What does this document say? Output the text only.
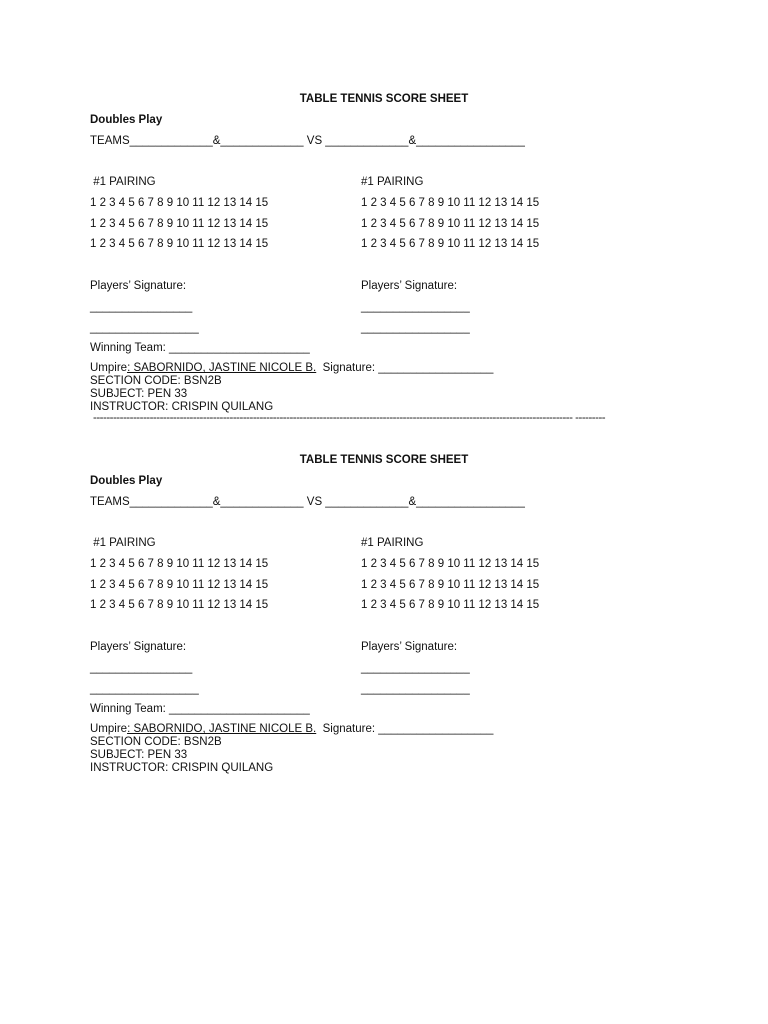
TABLE TENNIS SCORE SHEET
Doubles Play
TEAMS_____________&_____________ VS _____________&_________________
#1 PAIRING
1 2 3 4 5 6 7 8 9 10 11 12 13 14 15
1 2 3 4 5 6 7 8 9 10 11 12 13 14 15
1 2 3 4 5 6 7 8 9 10 11 12 13 14 15
#1 PAIRING
1 2 3 4 5 6 7 8 9 10 11 12 13 14 15
1 2 3 4 5 6 7 8 9 10 11 12 13 14 15
1 2 3 4 5 6 7 8 9 10 11 12 13 14 15
Players’ Signature:
________________
_________________
Players’ Signature:
_________________
_________________
Winning Team: ______________________
Umpire: SABORNIDO, JASTINE NICOLE B.  Signature: __________________
SECTION CODE: BSN2B
SUBJECT: PEN 33
INSTRUCTOR: CRISPIN QUILANG
------------------------------------------------------------------------------------------------------------------------------------------------ ---------
TABLE TENNIS SCORE SHEET
Doubles Play
TEAMS_____________&_____________ VS _____________&_________________
#1 PAIRING
1 2 3 4 5 6 7 8 9 10 11 12 13 14 15
1 2 3 4 5 6 7 8 9 10 11 12 13 14 15
1 2 3 4 5 6 7 8 9 10 11 12 13 14 15
#1 PAIRING
1 2 3 4 5 6 7 8 9 10 11 12 13 14 15
1 2 3 4 5 6 7 8 9 10 11 12 13 14 15
1 2 3 4 5 6 7 8 9 10 11 12 13 14 15
Players’ Signature:
________________
_________________
Players’ Signature:
_________________
_________________
Winning Team: ______________________
Umpire: SABORNIDO, JASTINE NICOLE B.  Signature: __________________
SECTION CODE: BSN2B
SUBJECT: PEN 33
INSTRUCTOR: CRISPIN QUILANG
